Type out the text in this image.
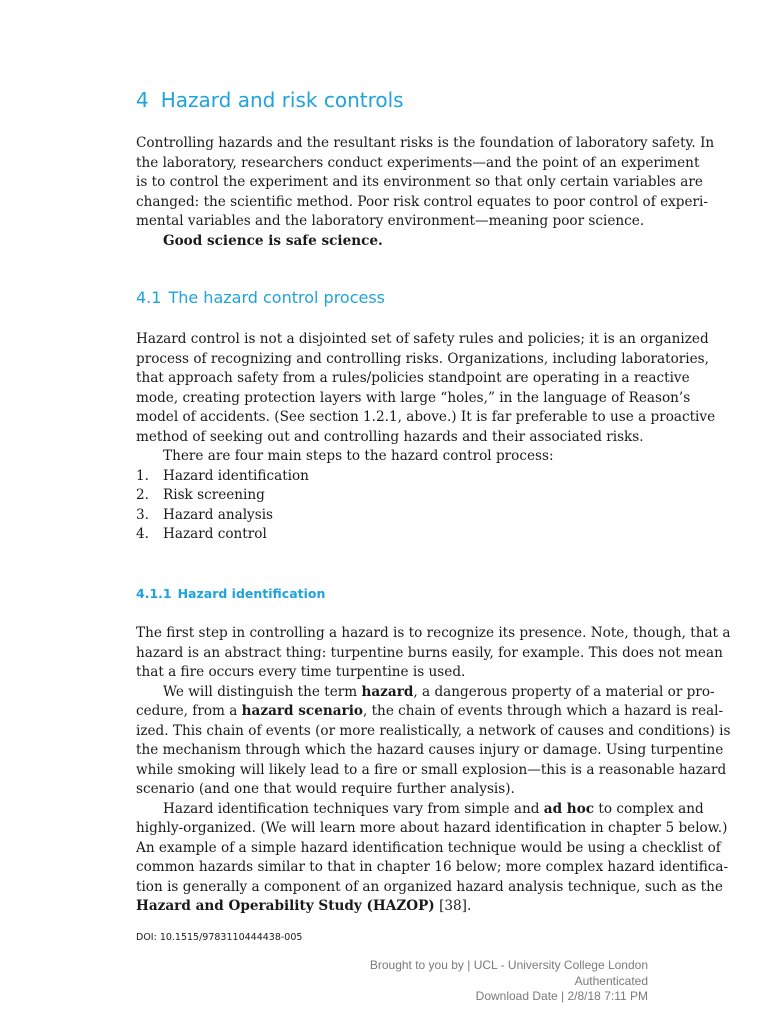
4 Hazard and risk controls
Controlling hazards and the resultant risks is the foundation of laboratory safety. In
the laboratory, researchers conduct experiments—and the point of an experiment
is to control the experiment and its environment so that only certain variables are
changed: the scientific method. Poor risk control equates to poor control of experi-
mental variables and the laboratory environment—meaning poor science.
Good science is safe science.
4.1 The hazard control process
Hazard control is not a disjointed set of safety rules and policies; it is an organized
process of recognizing and controlling risks. Organizations, including laboratories,
that approach safety from a rules/policies standpoint are operating in a reactive
mode, creating protection layers with large “holes,” in the language of Reason’s
model of accidents. (See section 1.2.1, above.) It is far preferable to use a proactive
method of seeking out and controlling hazards and their associated risks.
There are four main steps to the hazard control process:
1. Hazard identification
2. Risk screening
3. Hazard analysis
4. Hazard control
4.1.1 Hazard identification
The first step in controlling a hazard is to recognize its presence. Note, though, that a
hazard is an abstract thing: turpentine burns easily, for example. This does not mean
that a fire occurs every time turpentine is used.
We will distinguish the term hazard, a dangerous property of a material or pro-
cedure, from a hazard scenario, the chain of events through which a hazard is real-
ized. This chain of events (or more realistically, a network of causes and conditions) is
the mechanism through which the hazard causes injury or damage. Using turpentine
while smoking will likely lead to a fire or small explosion—this is a reasonable hazard
scenario (and one that would require further analysis).
Hazard identification techniques vary from simple and ad hoc to complex and
highly-organized. (We will learn more about hazard identification in chapter 5 below.)
An example of a simple hazard identification technique would be using a checklist of
common hazards similar to that in chapter 16 below; more complex hazard identifica-
tion is generally a component of an organized hazard analysis technique, such as the
Hazard and Operability Study (HAZOP) [38].
DOI: 10.1515/9783110444438-005
Brought to you by | UCL - University College London
Authenticated
Download Date | 2/8/18 7:11 PM
